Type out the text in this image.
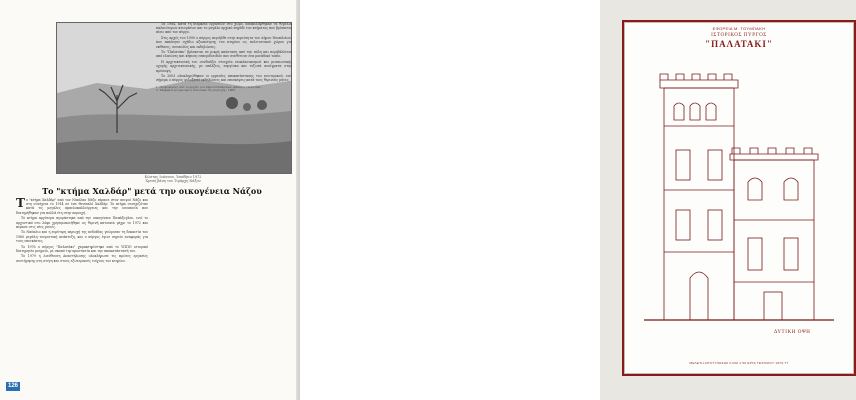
Κώστας Ιωάννου, Υπαίθριο 1972
Χρυσή βάση του Τιμάρχη Νάξου
Το "κτήμα Χαλδάρ" μετά την οικογένεια Νάζου

Το "κτήμα Χαλδάρ" από τον Νικόλαο Νάζο πέρασε στον ανιψιό Νάζο και στη συνέχεια το 1914 σε ένα Θεσσαλό Χαλδάρ. Το κτήμα συνεχιζόταν κατά τις μεγάλες αμπελοκαλλιέργειες και την οινοποιία που διατηρήθηκαν για πολλά έτη στην περιοχή.

Το κτήμα αργότερα αγοράστηκε από την οικογένεια Παπάζογλου, ενώ το αρχοντικό στο λόφο χρησιμοποιήθηκε ως θερινή κατοικία μέχρι το 1972 και πέρασε στις νέες γενιές.

Το Ναύπλιο και η ευρύτερη περιοχή της πεδιάδας γνώρισαν τη δεκαετία του 1960 μεγάλη τουριστική ανάπτυξη, και ο πύργος έγινε σημείο αναφοράς για τους επισκέπτες.

Το 1976 ο πύργος "Παλατάκι" χαρακτηρίστηκε από το ΥΠΠΟ ιστορικό διατηρητέο μνημείο, με σκοπό την προστασία και την αποκατάστασή του.

Το 1979 η Διεύθυνση Αναστήλωσης ολοκλήρωσε τις πρώτες εργασίες συντήρησης στη στέγη και στους εξωτερικούς τοίχους του κτηρίου.

Τα 1984, κατά τη διάρκεια εργασιών στο χώρο, αποκαλύφθηκαν τα θεμέλια παλαιότερων κτισμάτων και το μεγάλο αρχικό πηγάδι του κτήματος που βρίσκεται πίσω από τον πύργο.

Στις αρχές του 1990 ο πύργος περιήλθε στην κυριότητα του Δήμου Ναυπλιέων, που εκπόνησε σχέδιο αξιοποίησης του κτηρίου ως πολιτιστικού χώρου για εκθέσεις, συναυλίες και εκδηλώσεις.

Το "Παλατάκι" βρίσκεται σε μικρή απόσταση από την πόλη και περιβάλλεται από ελαιώνες και κήπους εσπεριδοειδών που συνθέτουν ένα μοναδικό τοπίο.

Η αρχιτεκτονική του συνδυάζει στοιχεία νεοκλασικισμού και μεσαιωνικής οχυρής αρχιτεκτονικής, με επάλξεις, πυργίσκο και τοξωτά ανοίγματα στην πρόσοψη.

Το 2003 ολοκληρώθηκαν οι εργασίες αποκατάστασης του εσωτερικού, ενώ σήμερα ο πύργος φιλοξενεί εκδηλώσεις και επισκέψεις κατά τους θερινούς μήνες.

1. Πληροφορίες από το αρχείο του Δήμου Ναυπλιέων, φάκελος Παλατάκι.
2. Σύμφωνα με μαρτυρίες κατοίκων της περιοχής, 1985.
126
ΕΦΟΡΕΙΑ Μ. ΤΟΥΜΠΑΚΗ
ΙΣΤΟΡΙΚΟΣ ΠΥΡΓΟΣ
"ΠΑΛΑΤΑΚΙ"
ΔΥΤΙΚΗ ΟΨΗ
ΜΕΛΕΤΗ ΑΠΟΤΥΠΩΣΗΣ ΚΛΙΜ 1:50 ΕΡΓΑ ΤΕΧΝΙΚΟΥ 1976-77
